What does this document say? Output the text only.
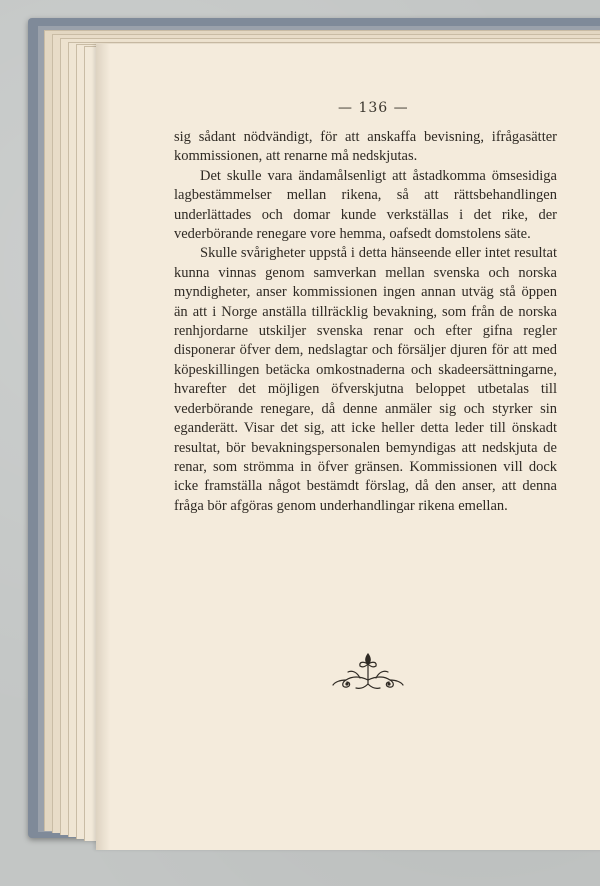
— 136 —

sig sådant nödvändigt, för att anskaffa bevisning, ifrågasätter kommissionen, att renarne må nedskjutas.

Det skulle vara ändamålsenligt att åstadkomma ömsesidiga lagbestämmelser mellan rikena, så att rättsbehandlingen underlättades och domar kunde verkställas i det rike, der vederbörande renegare vore hemma, oafsedt domstolens säte.

Skulle svårigheter uppstå i detta hänseende eller intet resultat kunna vinnas genom samverkan mellan svenska och norska myndigheter, anser kommissionen ingen annan utväg stå öppen än att i Norge anställa tillräcklig bevakning, som från de norska renhjordarne utskiljer svenska renar och efter gifna regler disponerar öfver dem, nedslagtar och försäljer djuren för att med köpeskillingen betäcka omkostnaderna och skadeersättningarne, hvarefter det möjligen öfverskjutna beloppet utbetalas till vederbörande renegare, då denne anmäler sig och styrker sin eganderätt. Visar det sig, att icke heller detta leder till önskadt resultat, bör bevakningspersonalen bemyndigas att nedskjuta de renar, som strömma in öfver gränsen. Kommissionen vill dock icke framställa något bestämdt förslag, då den anser, att denna fråga bör afgöras genom underhandlingar rikena emellan.
